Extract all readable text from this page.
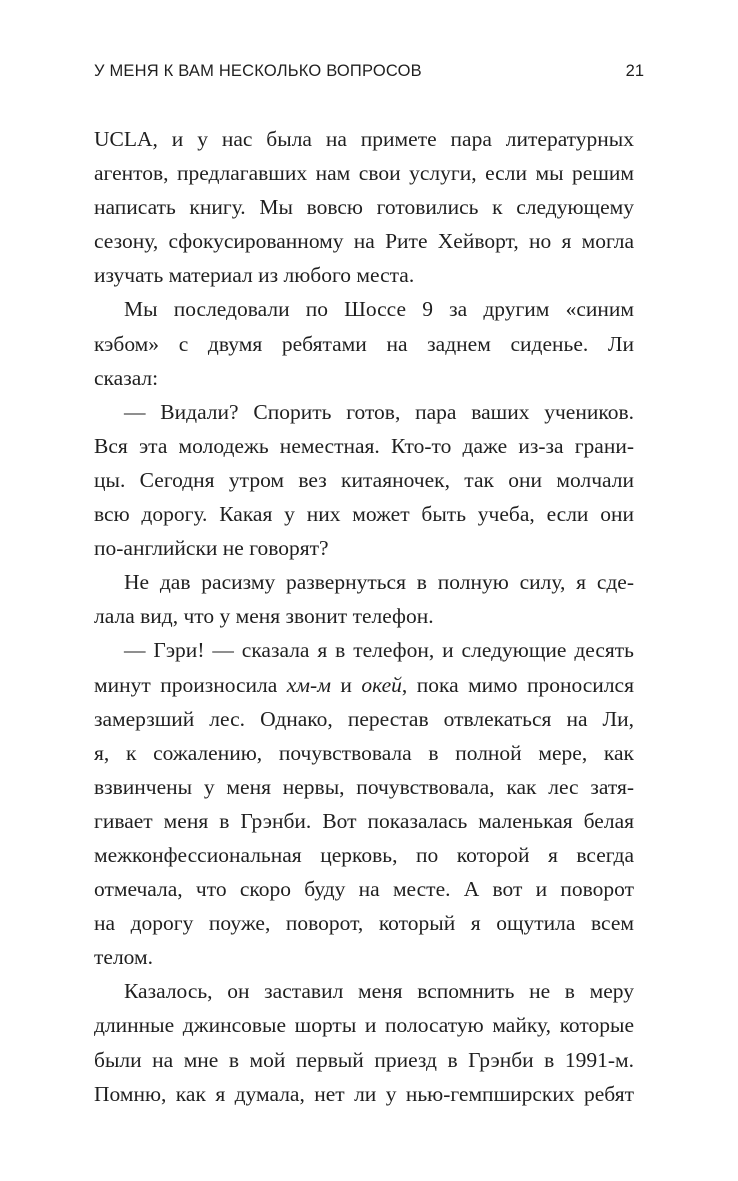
У МЕНЯ К ВАМ НЕСКОЛЬКО ВОПРОСОВ	21
UCLA, и у нас была на примете пара литературных
агентов, предлагавших нам свои услуги, если мы решим
написать книгу. Мы вовсю готовились к следующему
сезону, сфокусированному на Рите Хейворт, но я могла
изучать материал из любого места.
Мы последовали по Шоссе 9 за другим «синим
кэбом» с двумя ребятами на заднем сиденье. Ли
сказал:
— Видали? Спорить готов, пара ваших учеников.
Вся эта молодежь неместная. Кто-то даже из-за грани-
цы. Сегодня утром вез китаяночек, так они молчали
всю дорогу. Какая у них может быть учеба, если они
по-английски не говорят?
Не дав расизму развернуться в полную силу, я сде-
лала вид, что у меня звонит телефон.
— Гэри! — сказала я в телефон, и следующие десять
минут произносила хм-м и окей, пока мимо проносился
замерзший лес. Однако, перестав отвлекаться на Ли,
я, к сожалению, почувствовала в полной мере, как
взвинчены у меня нервы, почувствовала, как лес затя-
гивает меня в Грэнби. Вот показалась маленькая белая
межконфессиональная церковь, по которой я всегда
отмечала, что скоро буду на месте. А вот и поворот
на дорогу поуже, поворот, который я ощутила всем
телом.
Казалось, он заставил меня вспомнить не в меру
длинные джинсовые шорты и полосатую майку, которые
были на мне в мой первый приезд в Грэнби в 1991-м.
Помню, как я думала, нет ли у нью-гемпширских ребят
